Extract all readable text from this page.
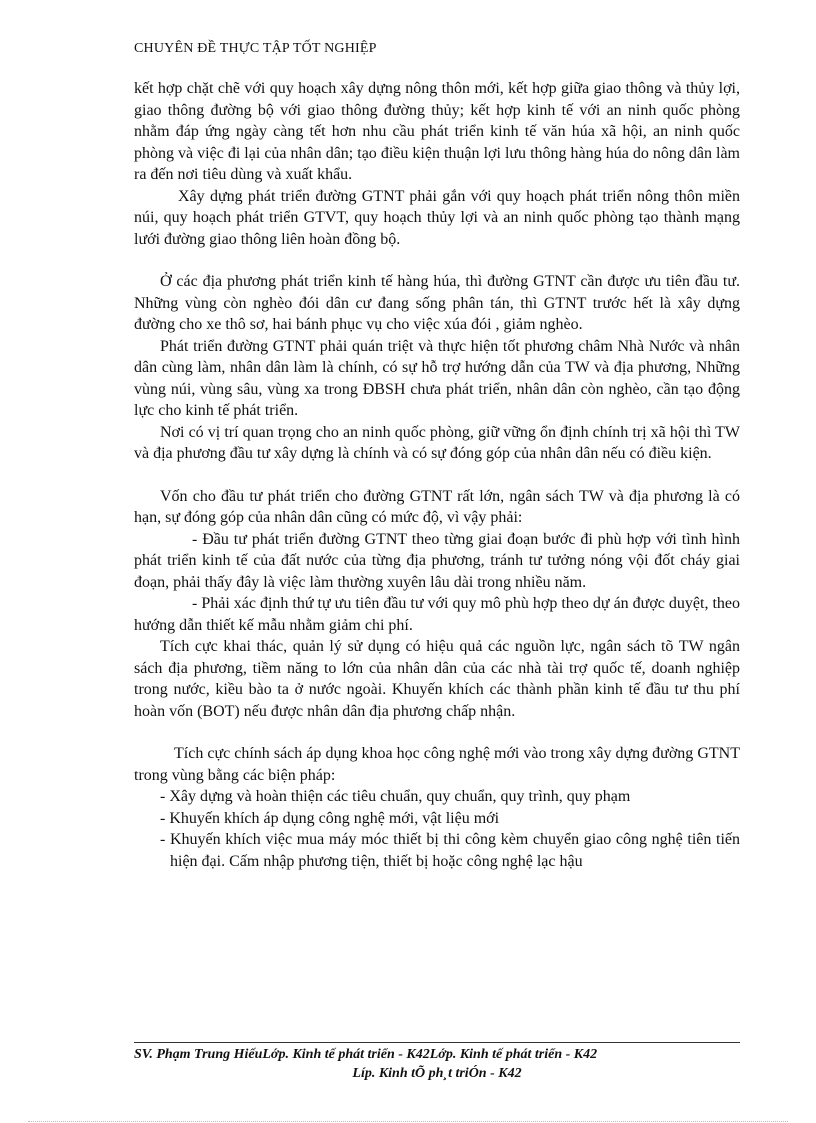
CHUYÊN ĐỀ THỰC TẬP TỐT NGHIỆP

kết hợp chặt chẽ với quy hoạch xây dựng nông thôn mới, kết hợp giữa giao thông và thủy lợi, giao thông đường bộ với giao thông đường thủy; kết hợp kinh tế với an ninh quốc phòng nhằm đáp ứng ngày càng tết hơn nhu cầu phát triển kinh tế văn húa xã hội, an ninh quốc phòng và việc đi lại của nhân dân; tạo điều kiện thuận lợi lưu thông hàng húa do nông dân làm ra đến nơi tiêu dùng và xuất khẩu.

Xây dựng phát triển đường GTNT phải gắn với quy hoạch phát triển nông thôn miền núi, quy hoạch phát triển GTVT, quy hoạch thủy lợi và an ninh quốc phòng tạo thành mạng lưới đường giao thông liên hoàn đồng bộ.

Ở các địa phương phát triển kinh tế hàng húa, thì đường GTNT cần được ưu tiên đầu tư. Những vùng còn nghèo đói dân cư đang sống phân tán, thì GTNT trước hết là xây dựng đường cho xe thô sơ, hai bánh phục vụ cho việc xúa đói , giảm nghèo.

Phát triển đường GTNT phải quán triệt và thực hiện tốt phương châm Nhà Nước và nhân dân cùng làm, nhân dân làm là chính, có sự hỗ trợ hướng dẫn của TW và địa phương, Những vùng núi, vùng sâu, vùng xa trong ĐBSH chưa phát triển, nhân dân còn nghèo, cần tạo động lực cho kinh tế phát triển.

Nơi có vị trí quan trọng cho an ninh quốc phòng, giữ vững ổn định chính trị xã hội thì TW và địa phương đầu tư xây dựng là chính và có sự đóng góp của nhân dân nếu có điều kiện.

Vốn cho đầu tư phát triển cho đường GTNT rất lớn, ngân sách TW và địa phương là có hạn, sự đóng góp của nhân dân cũng có mức độ, vì vậy phải:

- Đầu tư phát triển đường GTNT theo từng giai đoạn bước đi phù hợp với tình hình phát triển kinh tế của đất nước của từng địa phương, tránh tư tưởng nóng vội đốt cháy giai đoạn, phải thấy đây là việc làm thường xuyên lâu dài trong nhiều năm.

- Phải xác định thứ tự ưu tiên đầu tư với quy mô phù hợp theo dự án được duyệt, theo hướng dẫn thiết kế mẫu nhằm giảm chi phí.

Tích cực khai thác, quản lý sử dụng có hiệu quả các nguồn lực, ngân sách tõ TW ngân sách địa phương, tiềm năng to lớn của nhân dân của các nhà tài trợ quốc tế, doanh nghiệp trong nước, kiều bào ta ở nước ngoài. Khuyến khích các thành phần kinh tế đầu tư thu phí hoàn vốn (BOT) nếu được nhân dân địa phương chấp nhận.

Tích cực chính sách áp dụng khoa học công nghệ mới vào trong xây dựng đường GTNT trong vùng bằng các biện pháp:

- Xây dựng và hoàn thiện các tiêu chuẩn, quy chuẩn, quy trình, quy phạm

- Khuyến khích áp dụng công nghệ mới, vật liệu mới

- Khuyến khích việc mua máy móc thiết bị thi công kèm chuyển giao công nghệ tiên tiến hiện đại. Cấm nhập phương tiện, thiết bị hoặc công nghệ lạc hậu

SV. Phạm Trung HiếuLớp. Kinh tế phát triển - K42Lớp. Kinh tế phát triển - K42
Líp. Kinh tÕ ph¸t triÓn - K42
